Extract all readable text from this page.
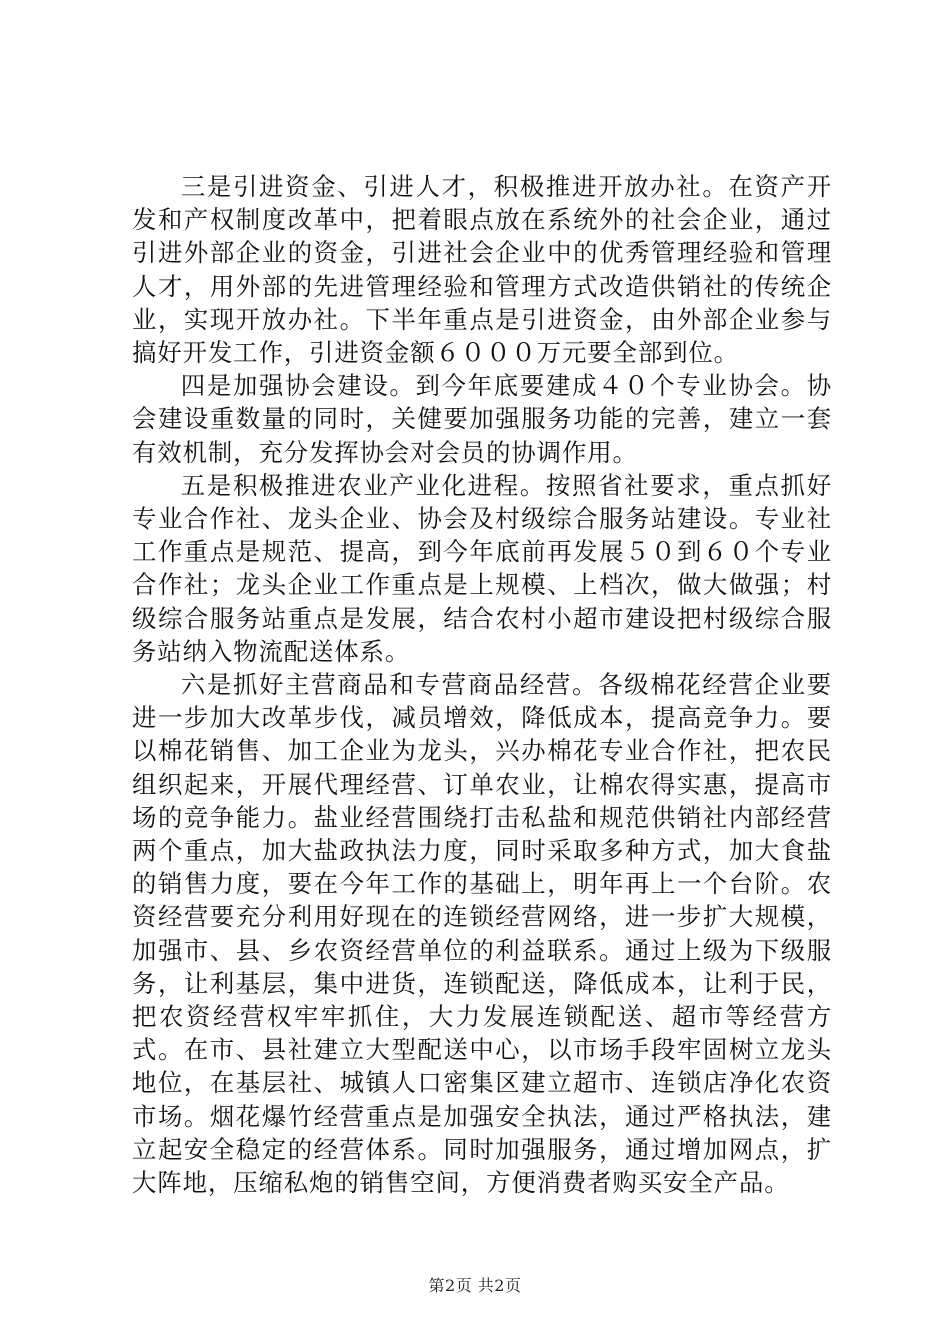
三是引进资金、引进人才，积极推进开放办社。在资产开发和产权制度改革中，把着眼点放在系统外的社会企业，通过引进外部企业的资金，引进社会企业中的优秀管理经验和管理人才，用外部的先进管理经验和管理方式改造供销社的传统企业，实现开放办社。下半年重点是引进资金，由外部企业参与搞好开发工作，引进资金额６０００万元要全部到位。

四是加强协会建设。到今年底要建成４０个专业协会。协会建设重数量的同时，关健要加强服务功能的完善，建立一套有效机制，充分发挥协会对会员的协调作用。

五是积极推进农业产业化进程。按照省社要求，重点抓好专业合作社、龙头企业、协会及村级综合服务站建设。专业社工作重点是规范、提高，到今年底前再发展５０到６０个专业合作社；龙头企业工作重点是上规模、上档次，做大做强；村级综合服务站重点是发展，结合农村小超市建设把村级综合服务站纳入物流配送体系。

六是抓好主营商品和专营商品经营。各级棉花经营企业要进一步加大改革步伐，减员增效，降低成本，提高竞争力。要以棉花销售、加工企业为龙头，兴办棉花专业合作社，把农民组织起来，开展代理经营、订单农业，让棉农得实惠，提高市场的竞争能力。盐业经营围绕打击私盐和规范供销社内部经营两个重点，加大盐政执法力度，同时采取多种方式，加大食盐的销售力度，要在今年工作的基础上，明年再上一个台阶。农资经营要充分利用好现在的连锁经营网络，进一步扩大规模，加强市、县、乡农资经营单位的利益联系。通过上级为下级服务，让利基层，集中进货，连锁配送，降低成本，让利于民，把农资经营权牢牢抓住，大力发展连锁配送、超市等经营方式。在市、县社建立大型配送中心，以市场手段牢固树立龙头地位，在基层社、城镇人口密集区建立超市、连锁店净化农资市场。烟花爆竹经营重点是加强安全执法，通过严格执法，建立起安全稳定的经营体系。同时加强服务，通过增加网点，扩大阵地，压缩私炮的销售空间，方便消费者购买安全产品。

第2页 共2页
